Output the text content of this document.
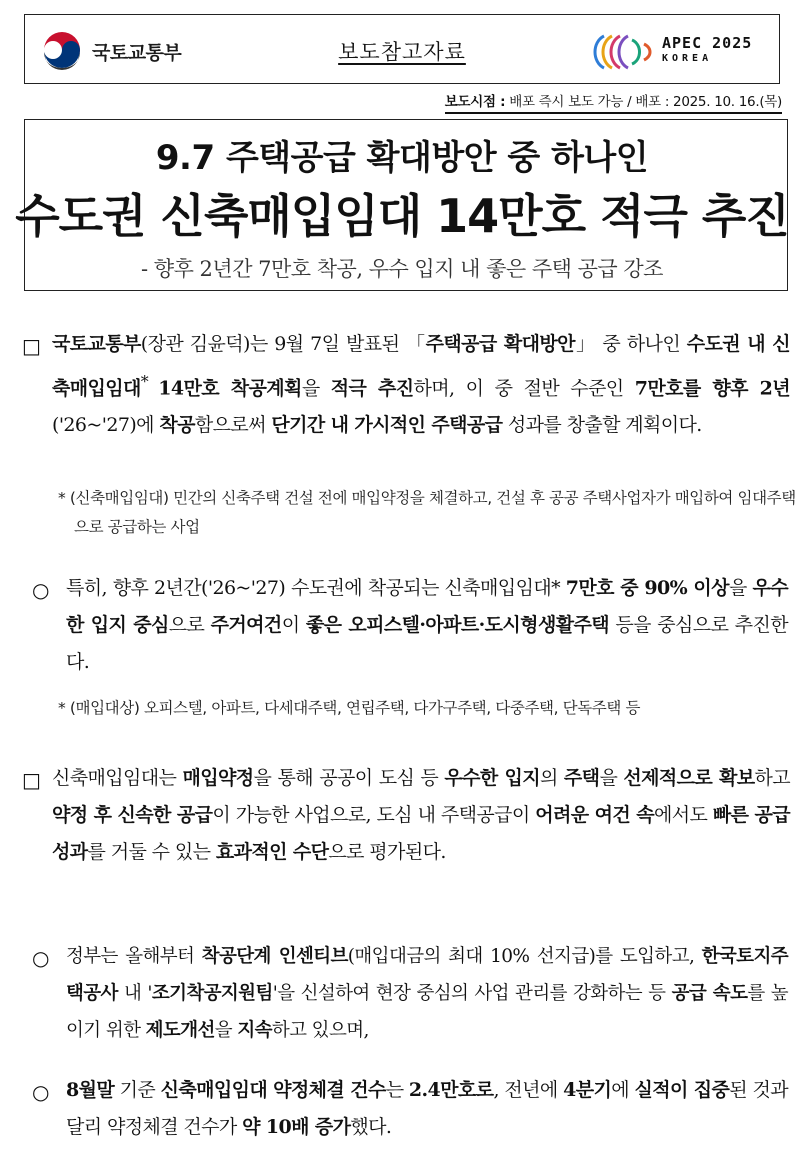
국토교통부	보도참고자료	APEC 2025
KOREA
보도시점 : 배포 즉시 보도 가능 / 배포 : 2025. 10. 16.(목)
9.7 주택공급 확대방안 중 하나인
수도권 신축매입임대 14만호 적극 추진
- 향후 2년간 7만호 착공, 우수 입지 내 좋은 주택 공급 강조
□ 국토교통부(장관 김윤덕)는 9월 7일 발표된 「주택공급 확대방안」 중 하나인 수도권 내 신축매입임대* 14만호 착공계획을 적극 추진하며, 이 중 절반 수준인 7만호를 향후 2년('26~'27)에 착공함으로써 단기간 내 가시적인 주택공급 성과를 창출할 계획이다.
* (신축매입임대) 민간의 신축주택 건설 전에 매입약정을 체결하고, 건설 후 공공 주택사업자가 매입하여 임대주택으로 공급하는 사업
○ 특히, 향후 2년간('26~'27) 수도권에 착공되는 신축매입임대* 7만호 중 90% 이상을 우수한 입지 중심으로 주거여건이 좋은 오피스텔·아파트·도시형생활주택 등을 중심으로 추진한다.
* (매입대상) 오피스텔, 아파트, 다세대주택, 연립주택, 다가구주택, 다중주택, 단독주택 등
□ 신축매입임대는 매입약정을 통해 공공이 도심 등 우수한 입지의 주택을 선제적으로 확보하고 약정 후 신속한 공급이 가능한 사업으로, 도심 내 주택공급이 어려운 여건 속에서도 빠른 공급성과를 거둘 수 있는 효과적인 수단으로 평가된다.
○ 정부는 올해부터 착공단계 인센티브(매입대금의 최대 10% 선지급)를 도입하고, 한국토지주택공사 내 '조기착공지원팀'을 신설하여 현장 중심의 사업 관리를 강화하는 등 공급 속도를 높이기 위한 제도개선을 지속하고 있으며,
○ 8월말 기준 신축매입임대 약정체결 건수는 2.4만호로, 전년에 4분기에 실적이 집중된 것과 달리 약정체결 건수가 약 10배 증가했다.
